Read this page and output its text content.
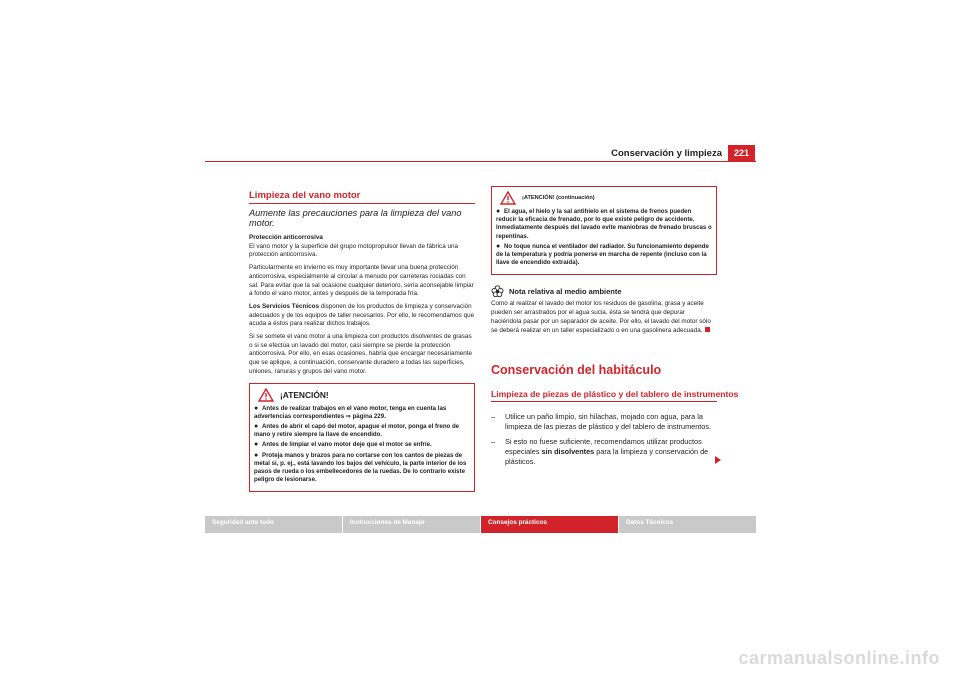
Conservación y limpieza	221
Limpieza del vano motor
Aumente las precauciones para la limpieza del vano motor.

Protección anticorrosiva

El vano motor y la superficie del grupo motopropulsor llevan de fábrica una protección anticorrosiva.

Particularmente en invierno es muy importante llevar una buena protección anticorrosiva, especialmente al circular a menudo por carreteras rociadas con sal. Para evitar que la sal ocasione cualquier deterioro, sería aconsejable limpiar a fondo el vano motor, antes y después de la temporada fría.

Los Servicios Técnicos disponen de los productos de limpieza y conservación adecuados y de los equipos de taller necesarios. Por ello, le recomendamos que acuda a éstos para realizar dichos trabajos.

Si se somete el vano motor a una limpieza con productos disolventes de grasas o si se efectúa un lavado del motor, casi siempre se pierde la protección anticorrosiva. Por ello, en esas ocasiones, habría que encargar necesariamente que se aplique, a continuación, conservante duradero a todas las superficies, uniones, ranuras y grupos del vano motor.

¡ATENCIÓN!

● Antes de realizar trabajos en el vano motor, tenga en cuenta las advertencias correspondientes ⇒ página 229.

● Antes de abrir el capó del motor, apague el motor, ponga el freno de mano y retire siempre la llave de encendido.

● Antes de limpiar el vano motor deje que el motor se enfríe.

● Proteja manos y brazos para no cortarse con los cantos de piezas de metal si, p. ej., está lavando los bajos del vehículo, la parte interior de los pasos de rueda o los embellecedores de la ruedas. De lo contrario existe peligro de lesionarse.

¡ATENCIÓN! (continuación)

● El agua, el hielo y la sal antihielo en el sistema de frenos pueden reducir la eficacia de frenado, por lo que existe peligro de accidente. Inmediatamente después del lavado evite maniobras de frenado bruscas o repentinas.

● No toque nunca el ventilador del radiador. Su funcionamiento depende de la temperatura y podría ponerse en marcha de repente (incluso con la llave de encendido extraída).

Nota relativa al medio ambiente

Como al realizar el lavado del motor los residuos de gasolina, grasa y aceite pueden ser arrastrados por el agua sucia, ésta se tendrá que depurar haciéndola pasar por un separador de aceite. Por ello, el lavado del motor sólo se deberá realizar en un taller especializado o en una gasolinera adecuada.

Conservación del habitáculo
Limpieza de piezas de plástico y del tablero de instrumentos
–	Utilice un paño limpio, sin hilachas, mojado con agua, para la limpieza de las piezas de plástico y del tablero de instrumentos.
–	Si esto no fuese suficiente, recomendamos utilizar productos especiales sin disolventes para la limpieza y conservación de plásticos.
Seguridad ante todo	Instrucciones de Manejo	Consejos prácticos	Datos Técnicos
carmanualsonline.info
